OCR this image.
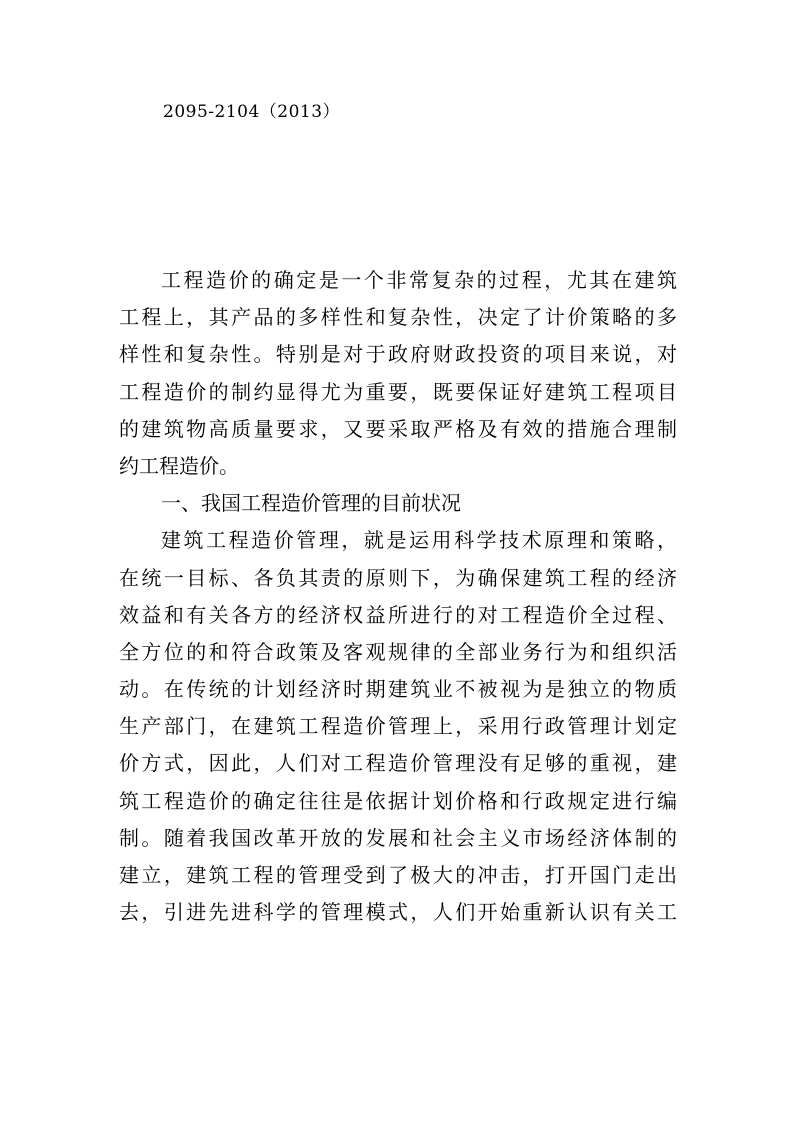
2095-2104（2013）
工程造价的确定是一个非常复杂的过程，尤其在建筑
工程上，其产品的多样性和复杂性，决定了计价策略的多
样性和复杂性。特别是对于政府财政投资的项目来说，对
工程造价的制约显得尤为重要，既要保证好建筑工程项目
的建筑物高质量要求，又要采取严格及有效的措施合理制
约工程造价。
一、我国工程造价管理的目前状况
建筑工程造价管理，就是运用科学技术原理和策略，
在统一目标、各负其责的原则下，为确保建筑工程的经济
效益和有关各方的经济权益所进行的对工程造价全过程、
全方位的和符合政策及客观规律的全部业务行为和组织活
动。在传统的计划经济时期建筑业不被视为是独立的物质
生产部门，在建筑工程造价管理上，采用行政管理计划定
价方式，因此，人们对工程造价管理没有足够的重视，建
筑工程造价的确定往往是依据计划价格和行政规定进行编
制。随着我国改革开放的发展和社会主义市场经济体制的
建立，建筑工程的管理受到了极大的冲击，打开国门走出
去，引进先进科学的管理模式，人们开始重新认识有关工
